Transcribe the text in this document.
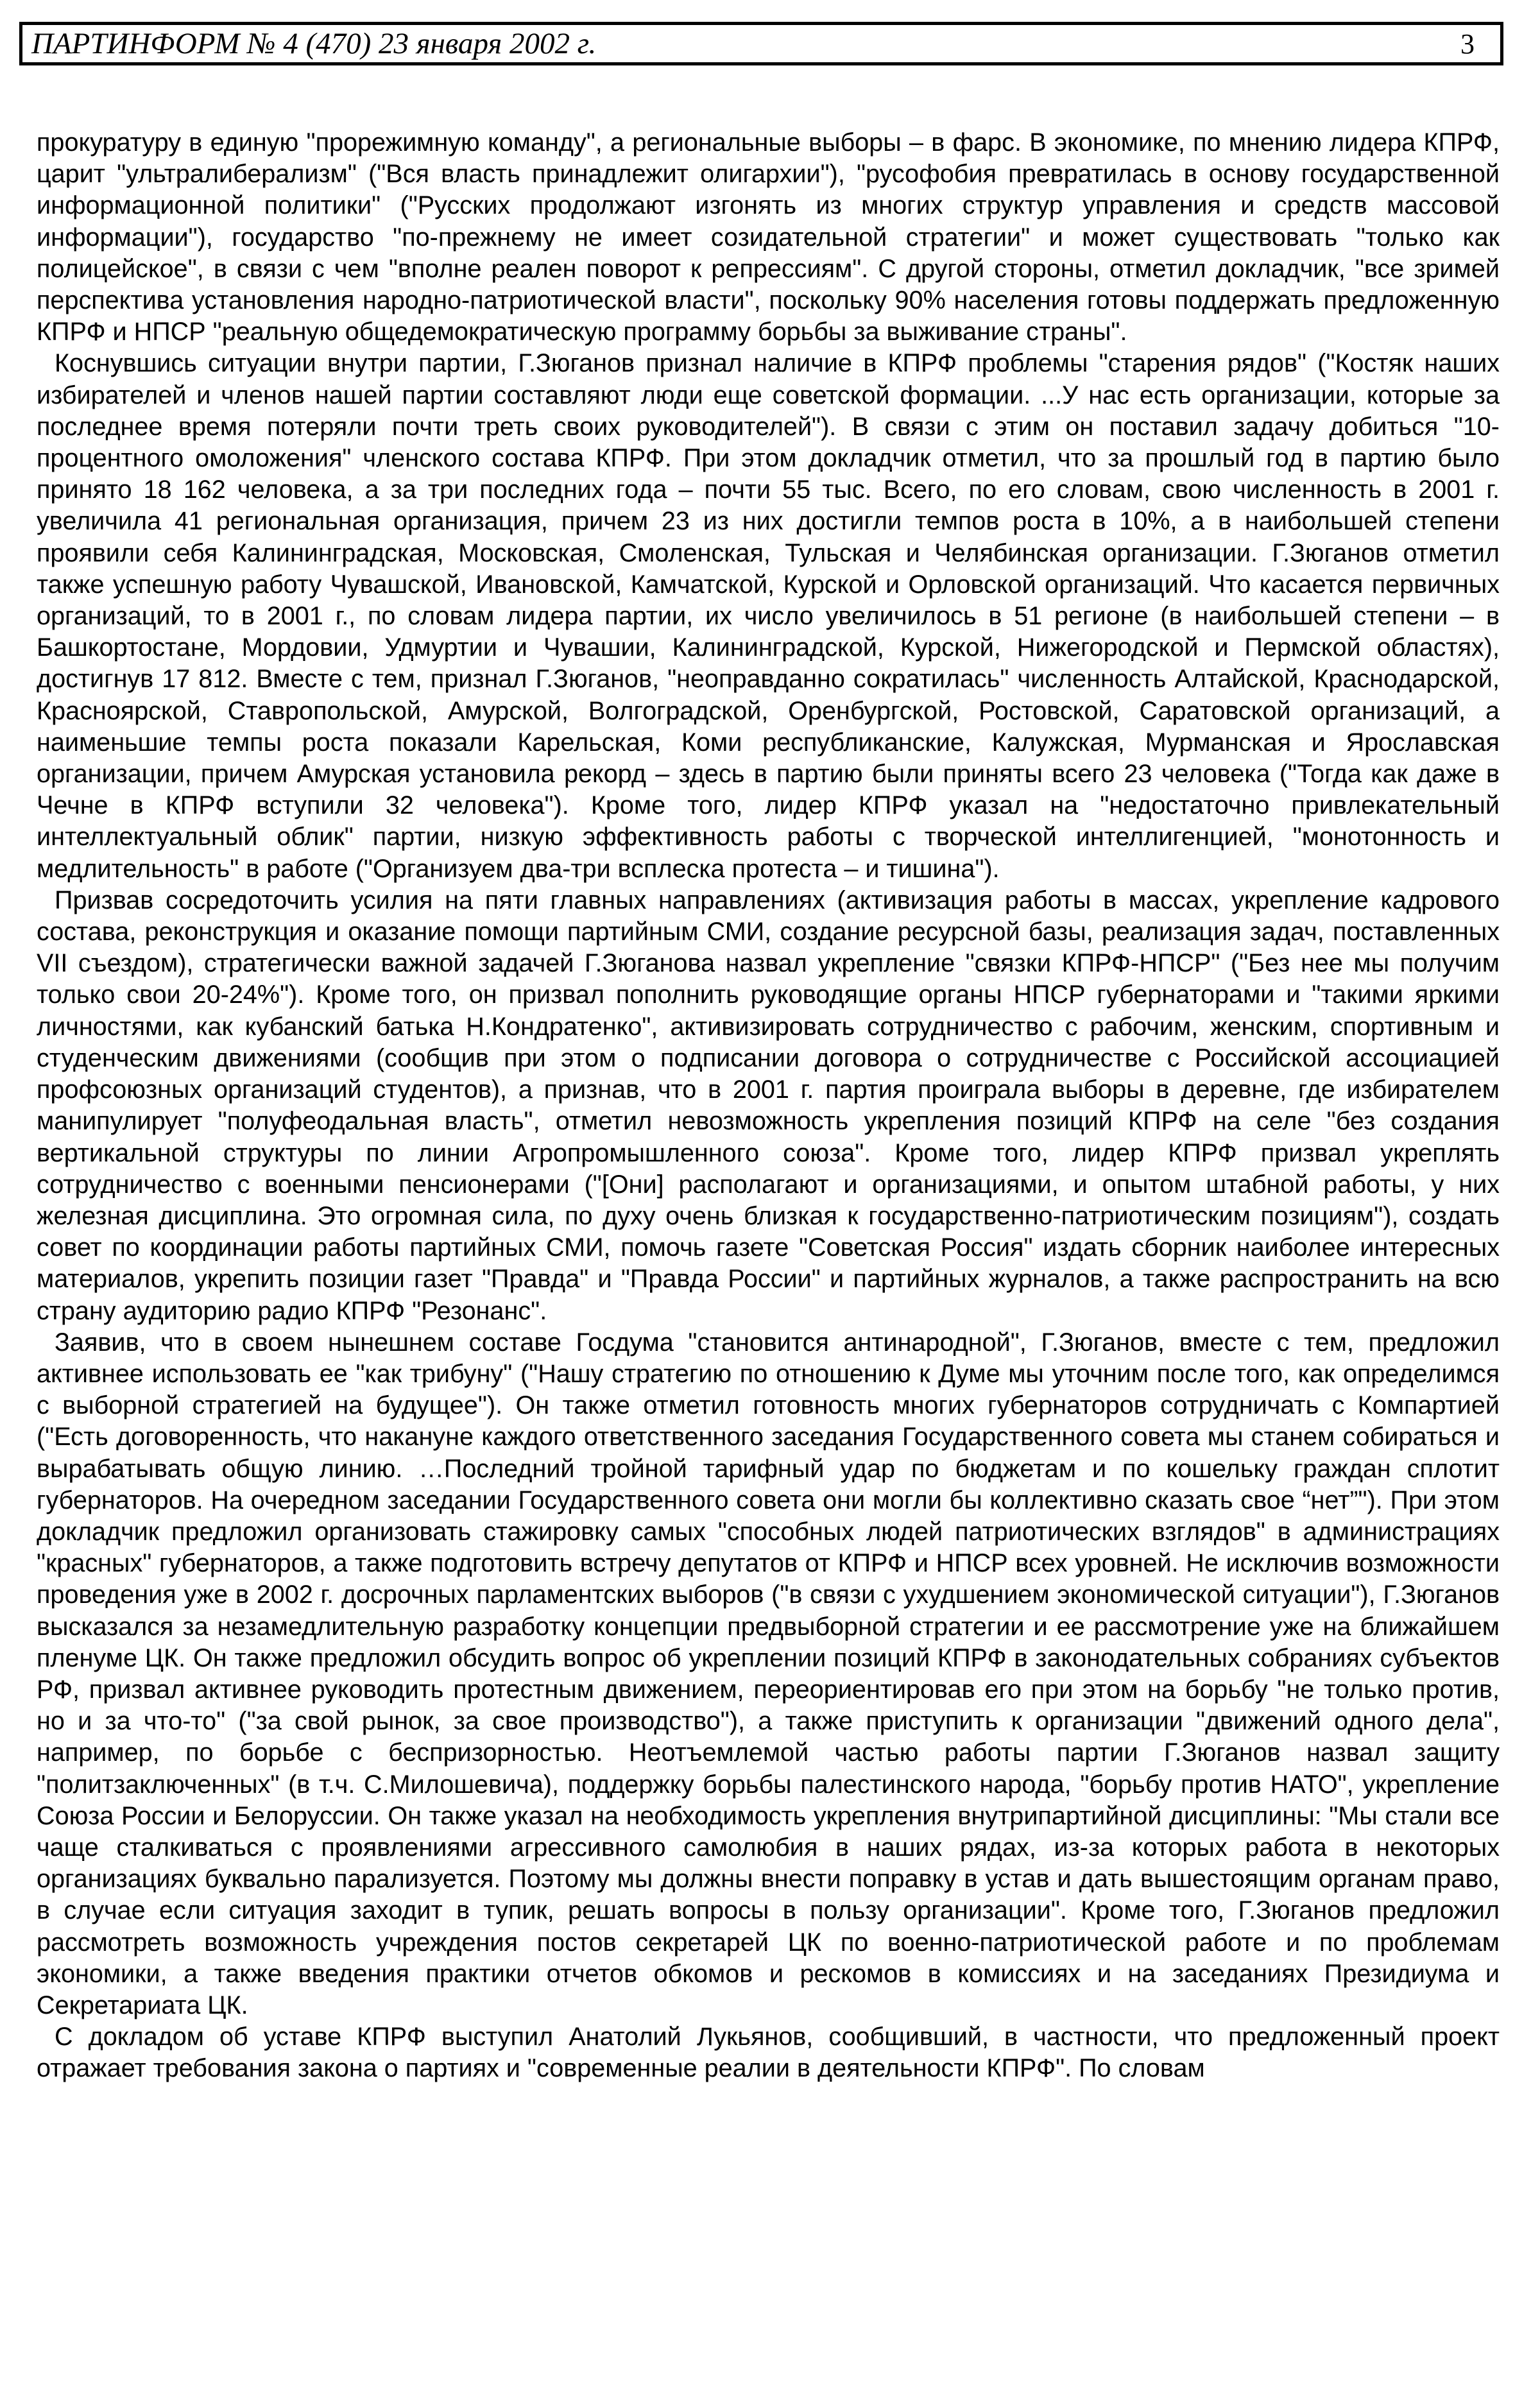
ПАРТИНФОРМ № 4 (470) 23 января 2002 г.	3

прокуратуру в единую "прорежимную команду", а региональные выборы – в фарс. В экономике, по мнению лидера КПРФ, царит "ультралиберализм" ("Вся власть принадлежит олигархии"), "русофобия превратилась в основу государственной информационной политики" ("Русских продолжают изгонять из многих структур управления и средств массовой информации"), государство "по-прежнему не имеет созидательной стратегии" и может существовать "только как полицейское", в связи с чем "вполне реален поворот к репрессиям". С другой стороны, отметил докладчик, "все зримей перспектива установления народно-патриотической власти", поскольку 90% населения готовы поддержать предложенную КПРФ и НПСР "реальную общедемократическую программу борьбы за выживание страны".

Коснувшись ситуации внутри партии, Г.Зюганов признал наличие в КПРФ проблемы "старения рядов" ("Костяк наших избирателей и членов нашей партии составляют люди еще советской формации. ...У нас есть организации, которые за последнее время потеряли почти треть своих руководителей"). В связи с этим он поставил задачу добиться "10-процентного омоложения" членского состава КПРФ. При этом докладчик отметил, что за прошлый год в партию было принято 18 162 человека, а за три последних года – почти 55 тыс. Всего, по его словам, свою численность в 2001 г. увеличила 41 региональная организация, причем 23 из них достигли темпов роста в 10%, а в наибольшей степени проявили себя Калининградская, Московская, Смоленская, Тульская и Челябинская организации. Г.Зюганов отметил также успешную работу Чувашской, Ивановской, Камчатской, Курской и Орловской организаций. Что касается первичных организаций, то в 2001 г., по словам лидера партии, их число увеличилось в 51 регионе (в наибольшей степени – в Башкортостане, Мордовии, Удмуртии и Чувашии, Калининградской, Курской, Нижегородской и Пермской областях), достигнув 17 812. Вместе с тем, признал Г.Зюганов, "неоправданно сократилась" численность Алтайской, Краснодарской, Красноярской, Ставропольской, Амурской, Волгоградской, Оренбургской, Ростовской, Саратовской организаций, а наименьшие темпы роста показали Карельская, Коми республиканские, Калужская, Мурманская и Ярославская организации, причем Амурская установила рекорд – здесь в партию были приняты всего 23 человека ("Тогда как даже в Чечне в КПРФ вступили 32 человека"). Кроме того, лидер КПРФ указал на "недостаточно привлекательный интеллектуальный облик" партии, низкую эффективность работы с творческой интеллигенцией, "монотонность и медлительность" в работе ("Организуем два-три всплеска протеста – и тишина").

Призвав сосредоточить усилия на пяти главных направлениях (активизация работы в массах, укрепление кадрового состава, реконструкция и оказание помощи партийным СМИ, создание ресурсной базы, реализация задач, поставленных VII съездом), стратегически важной задачей Г.Зюганова назвал укрепление "связки КПРФ-НПСР" ("Без нее мы получим только свои 20-24%"). Кроме того, он призвал пополнить руководящие органы НПСР губернаторами и "такими яркими личностями, как кубанский батька Н.Кондратенко", активизировать сотрудничество с рабочим, женским, спортивным и студенческим движениями (сообщив при этом о подписании договора о сотрудничестве с Российской ассоциацией профсоюзных организаций студентов), а признав, что в 2001 г. партия проиграла выборы в деревне, где избирателем манипулирует "полуфеодальная власть", отметил невозможность укрепления позиций КПРФ на селе "без создания вертикальной структуры по линии Агропромышленного союза". Кроме того, лидер КПРФ призвал укреплять сотрудничество с военными пенсионерами ("[Они] располагают и организациями, и опытом штабной работы, у них железная дисциплина. Это огромная сила, по духу очень близкая к государственно-патриотическим позициям"), создать совет по координации работы партийных СМИ, помочь газете "Советская Россия" издать сборник наиболее интересных материалов, укрепить позиции газет "Правда" и "Правда России" и партийных журналов, а также распространить на всю страну аудиторию радио КПРФ "Резонанс".

Заявив, что в своем нынешнем составе Госдума "становится антинародной", Г.Зюганов, вместе с тем, предложил активнее использовать ее "как трибуну" ("Нашу стратегию по отношению к Думе мы уточним после того, как определимся с выборной стратегией на будущее"). Он также отметил готовность многих губернаторов сотрудничать с Компартией ("Есть договоренность, что накануне каждого ответственного заседания Государственного совета мы станем собираться и вырабатывать общую линию. …Последний тройной тарифный удар по бюджетам и по кошельку граждан сплотит губернаторов. На очередном заседании Государственного совета они могли бы коллективно сказать свое “нет”"). При этом докладчик предложил организовать стажировку самых "способных людей патриотических взглядов" в администрациях "красных" губернаторов, а также подготовить встречу депутатов от КПРФ и НПСР всех уровней. Не исключив возможности проведения уже в 2002 г. досрочных парламентских выборов ("в связи с ухудшением экономической ситуации"), Г.Зюганов высказался за незамедлительную разработку концепции предвыборной стратегии и ее рассмотрение уже на ближайшем пленуме ЦК. Он также предложил обсудить вопрос об укреплении позиций КПРФ в законодательных собраниях субъектов РФ, призвал активнее руководить протестным движением, переориентировав его при этом на борьбу "не только против, но и за что-то" ("за свой рынок, за свое производство"), а также приступить к организации "движений одного дела", например, по борьбе с беспризорностью. Неотъемлемой частью работы партии Г.Зюганов назвал защиту "политзаключенных" (в т.ч. С.Милошевича), поддержку борьбы палестинского народа, "борьбу против НАТО", укрепление Союза России и Белоруссии. Он также указал на необходимость укрепления внутрипартийной дисциплины: "Мы стали все чаще сталкиваться с проявлениями агрессивного самолюбия в наших рядах, из-за которых работа в некоторых организациях буквально парализуется. Поэтому мы должны внести поправку в устав и дать вышестоящим органам право, в случае если ситуация заходит в тупик, решать вопросы в пользу организации". Кроме того, Г.Зюганов предложил рассмотреть возможность учреждения постов секретарей ЦК по военно-патриотической работе и по проблемам экономики, а также введения практики отчетов обкомов и рескомов в комиссиях и на заседаниях Президиума и Секретариата ЦК.

С докладом об уставе КПРФ выступил Анатолий Лукьянов, сообщивший, в частности, что предложенный проект отражает требования закона о партиях и "современные реалии в деятельности КПРФ". По словам
